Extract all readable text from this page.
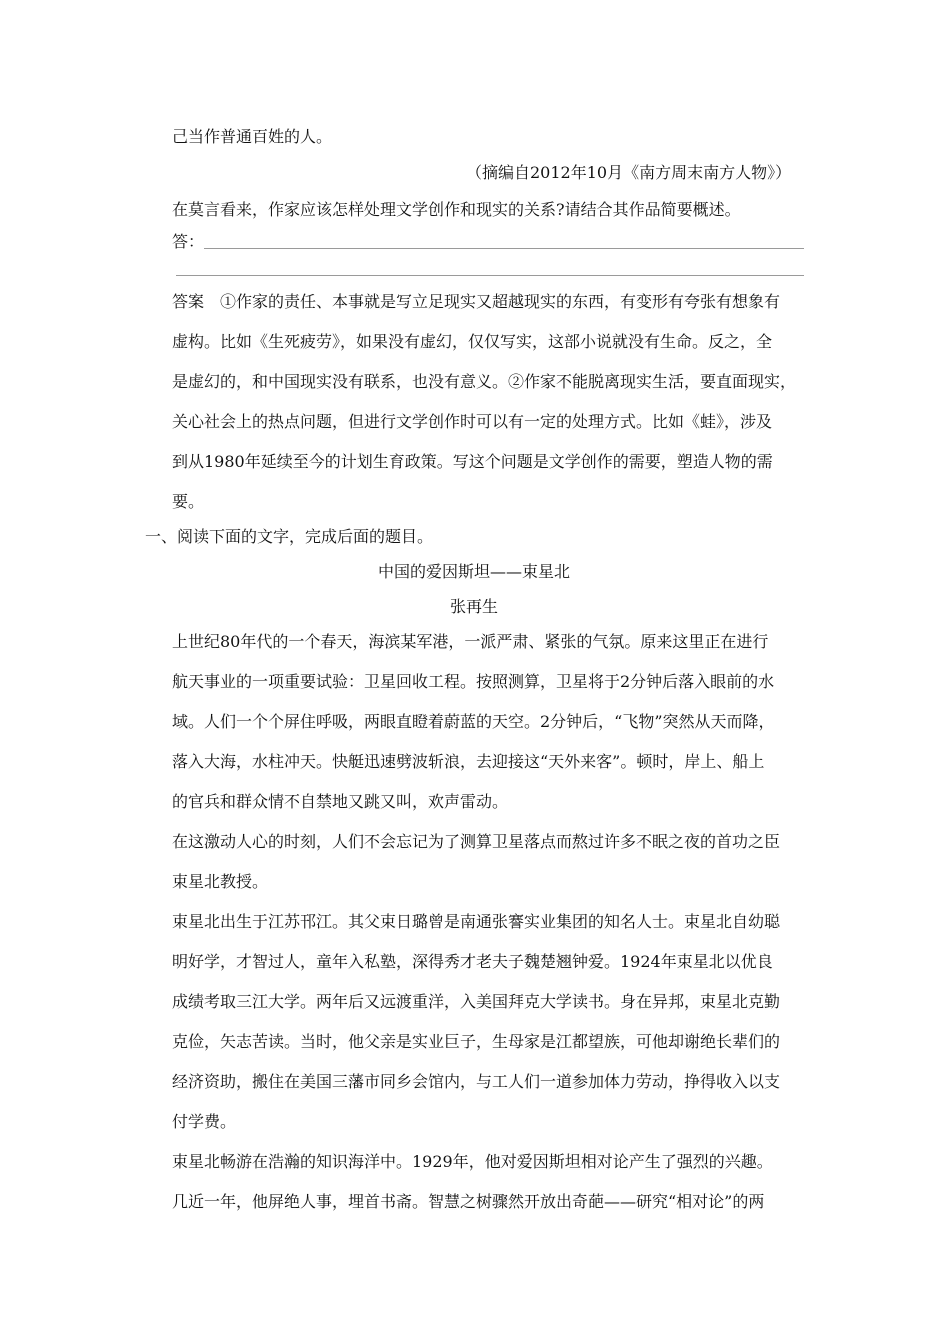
己当作普通百姓的人。
（摘编自2012年10月《南方周末南方人物》）
在莫言看来，作家应该怎样处理文学创作和现实的关系?请结合其作品简要概述。
答：
答案　①作家的责任、本事就是写立足现实又超越现实的东西，有变形有夸张有想象有
虚构。比如《生死疲劳》，如果没有虚幻，仅仅写实，这部小说就没有生命。反之，全
是虚幻的，和中国现实没有联系，也没有意义。②作家不能脱离现实生活，要直面现实，
关心社会上的热点问题，但进行文学创作时可以有一定的处理方式。比如《蛙》，涉及
到从1980年延续至今的计划生育政策。写这个问题是文学创作的需要，塑造人物的需
要。
一、阅读下面的文字，完成后面的题目。
中国的爱因斯坦——束星北
张再生
上世纪80年代的一个春天，海滨某军港，一派严肃、紧张的气氛。原来这里正在进行
航天事业的一项重要试验：卫星回收工程。按照测算，卫星将于2分钟后落入眼前的水
域。人们一个个屏住呼吸，两眼直瞪着蔚蓝的天空。2分钟后，“飞物”突然从天而降，
落入大海，水柱冲天。快艇迅速劈波斩浪，去迎接这“天外来客”。顿时，岸上、船上
的官兵和群众情不自禁地又跳又叫，欢声雷动。
在这激动人心的时刻，人们不会忘记为了测算卫星落点而熬过许多不眠之夜的首功之臣
束星北教授。
束星北出生于江苏邗江。其父束日璐曾是南通张謇实业集团的知名人士。束星北自幼聪
明好学，才智过人，童年入私塾，深得秀才老夫子魏楚翘钟爱。1924年束星北以优良
成绩考取三江大学。两年后又远渡重洋，入美国拜克大学读书。身在异邦，束星北克勤
克俭，矢志苦读。当时，他父亲是实业巨子，生母家是江都望族，可他却谢绝长辈们的
经济资助，搬住在美国三藩市同乡会馆内，与工人们一道参加体力劳动，挣得收入以支
付学费。
束星北畅游在浩瀚的知识海洋中。1929年，他对爱因斯坦相对论产生了强烈的兴趣。
几近一年，他屏绝人事，埋首书斋。智慧之树骤然开放出奇葩——研究“相对论”的两
